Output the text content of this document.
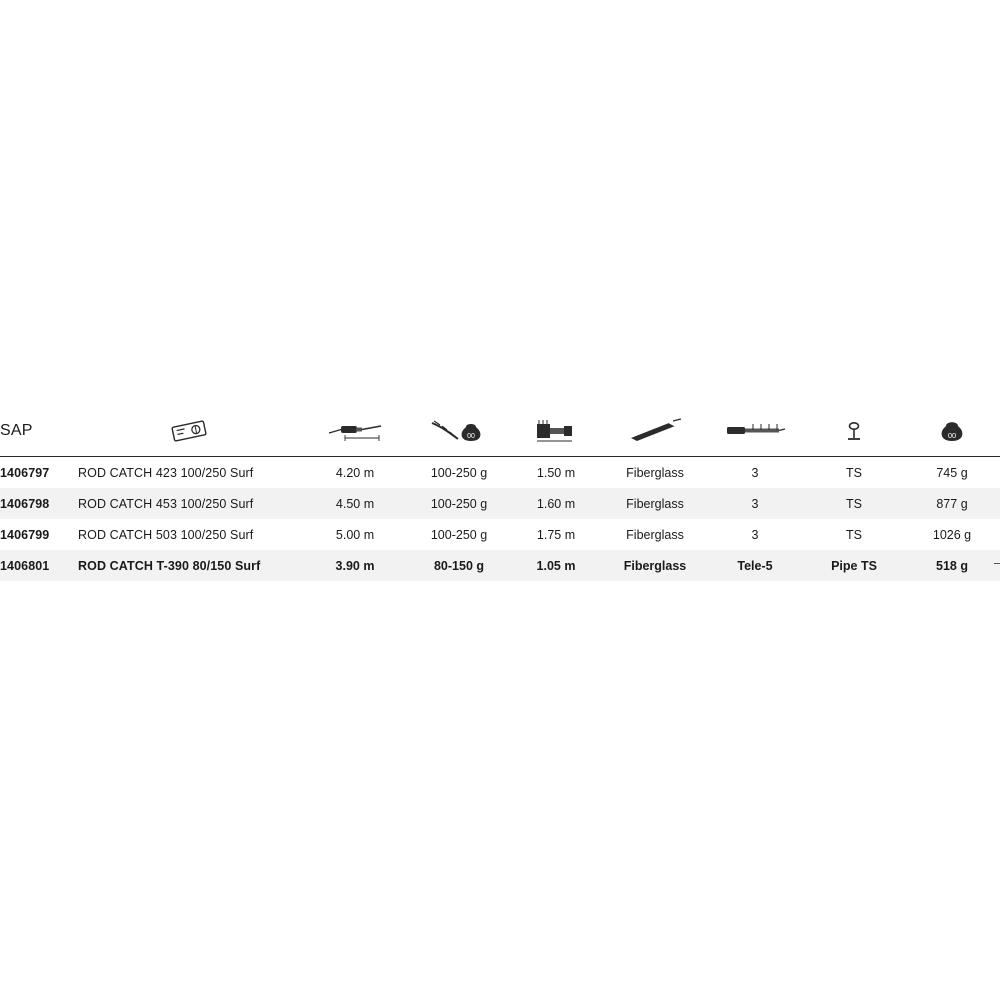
SAP			00					00

1406797	ROD CATCH 423 100/250 Surf	4.20 m	100-250 g	1.50 m	Fiberglass	3	TS	745 g
1406798	ROD CATCH 453 100/250 Surf	4.50 m	100-250 g	1.60 m	Fiberglass	3	TS	877 g
1406799	ROD CATCH 503 100/250 Surf	5.00 m	100-250 g	1.75 m	Fiberglass	3	TS	1026 g
1406801	ROD CATCH T-390 80/150 Surf	3.90 m	80-150 g	1.05 m	Fiberglass	Tele-5	Pipe TS	518 g
